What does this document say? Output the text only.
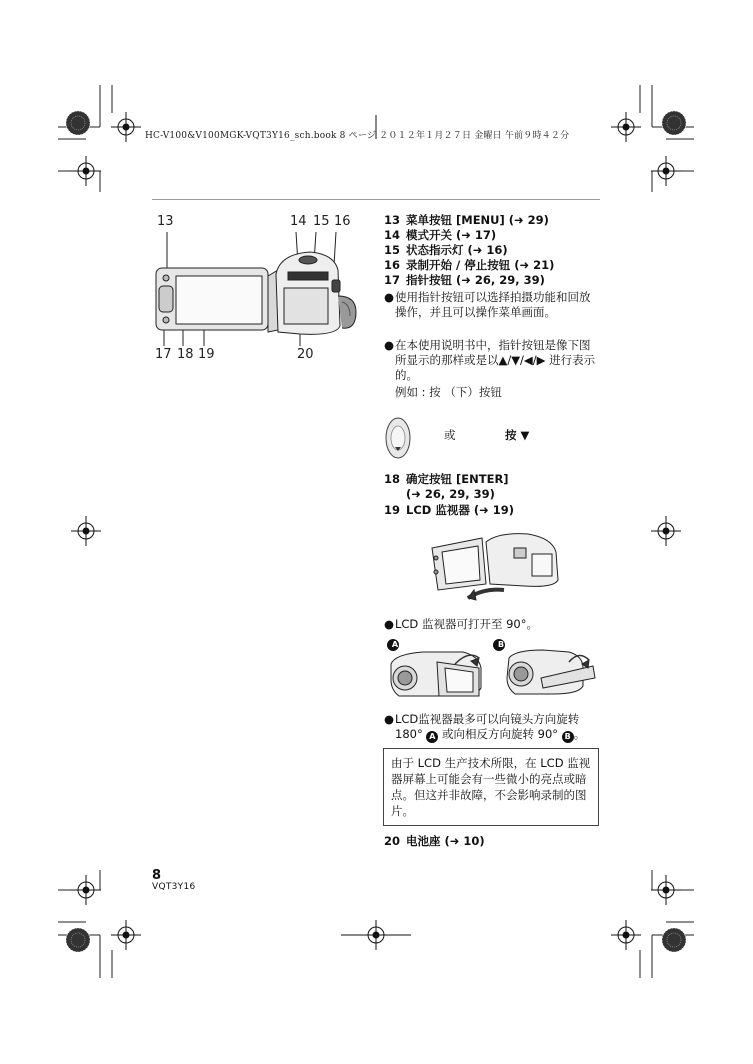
HC-V100&V100MGK-VQT3Y16_sch.book 8 ページ ２０１２年１月２７日 金曜日 午前９時４２分
13	14 15 16
17 18 19	20
13 菜单按钮 [MENU] (➜ 29)
14 模式开关 (➜ 17)
15 状态指示灯 (➜ 16)
16 录制开始 / 停止按钮 (➜ 21)
17 指针按钮 (➜ 26, 29, 39)
● 使用指针按钮可以选择拍摄功能和回放操作，并且可以操作菜单画面。
● 在本使用说明书中，指针按钮是像下图所显示的那样或是以▲/▼/◀/▶ 进行表示的。
例如 : 按 （下）按钮
或	按 ▼
18 确定按钮 [ENTER]
(➜ 26, 29, 39)
19 LCD 监视器 (➜ 19)
● LCD 监视器可打开至 90°。
A	B
● LCD监视器最多可以向镜头方向旋转 180° A 或向相反方向旋转 90° B 。
由于 LCD 生产技术所限，在 LCD 监视器屏幕上可能会有一些微小的亮点或暗点。但这并非故障，不会影响录制的图片。
20 电池座 (➜ 10)
8
VQT3Y16
